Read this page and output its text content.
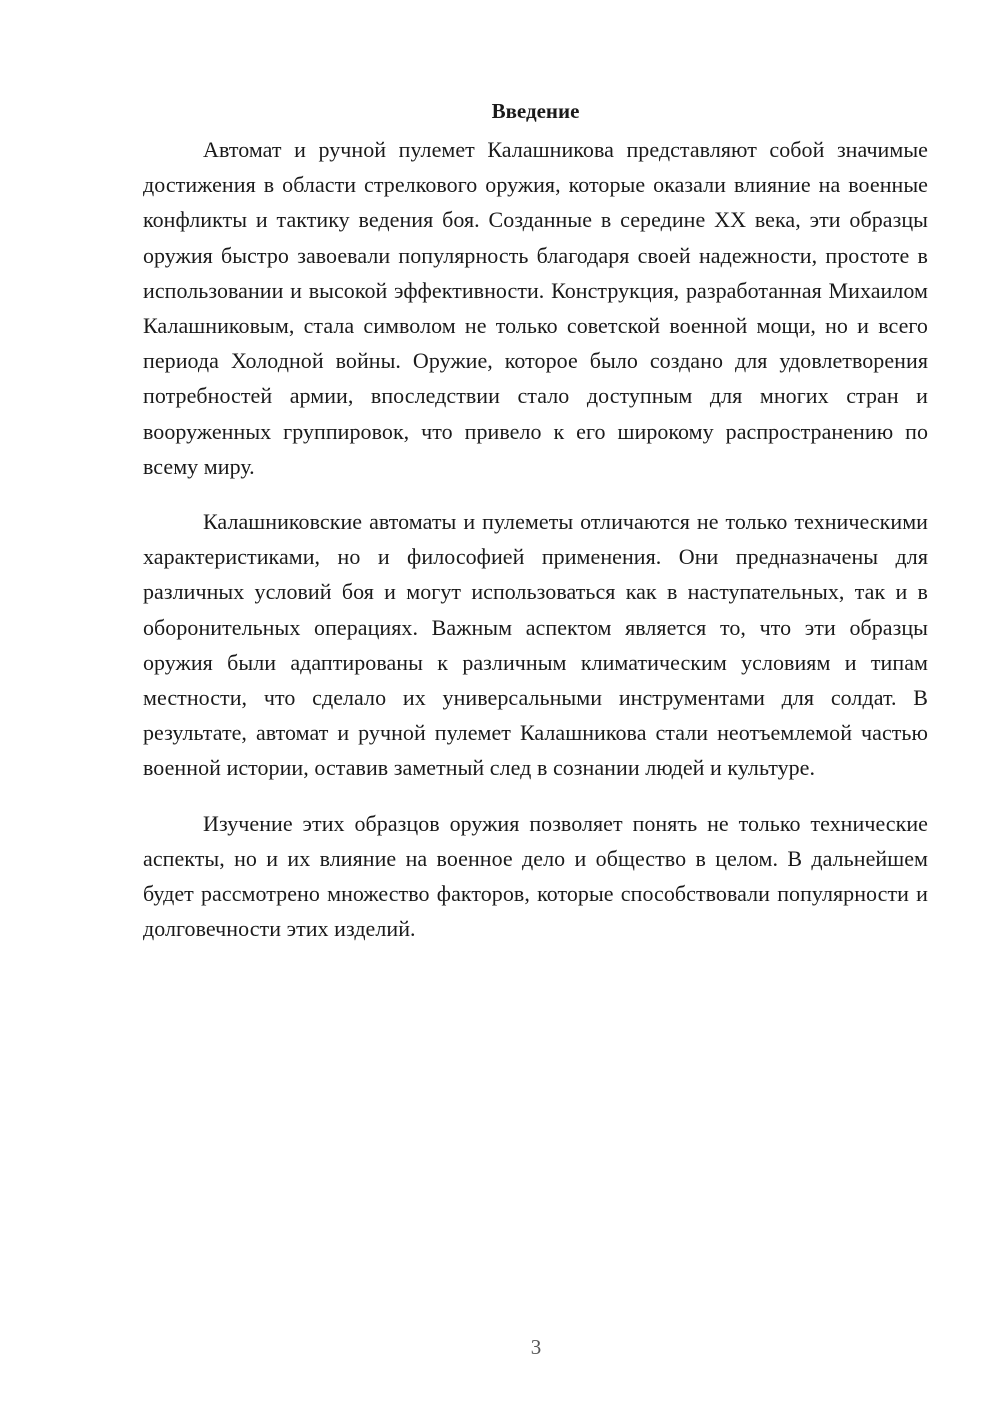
Введение

Автомат и ручной пулемет Калашникова представляют собой значимые достижения в области стрелкового оружия, которые оказали влияние на военные конфликты и тактику ведения боя. Созданные в середине XX века, эти образцы оружия быстро завоевали популярность благодаря своей надежности, простоте в использовании и высокой эффективности. Конструкция, разработанная Михаилом Калашниковым, стала символом не только советской военной мощи, но и всего периода Холодной войны. Оружие, которое было создано для удовлетворения потребностей армии, впоследствии стало доступным для многих стран и вооруженных группировок, что привело к его широкому распространению по всему миру.

Калашниковские автоматы и пулеметы отличаются не только техническими характеристиками, но и философией применения. Они предназначены для различных условий боя и могут использоваться как в наступательных, так и в оборонительных операциях. Важным аспектом является то, что эти образцы оружия были адаптированы к различным климатическим условиям и типам местности, что сделало их универсальными инструментами для солдат. В результате, автомат и ручной пулемет Калашникова стали неотъемлемой частью военной истории, оставив заметный след в сознании людей и культуре.

Изучение этих образцов оружия позволяет понять не только технические аспекты, но и их влияние на военное дело и общество в целом. В дальнейшем будет рассмотрено множество факторов, которые способствовали популярности и долговечности этих изделий.

3
